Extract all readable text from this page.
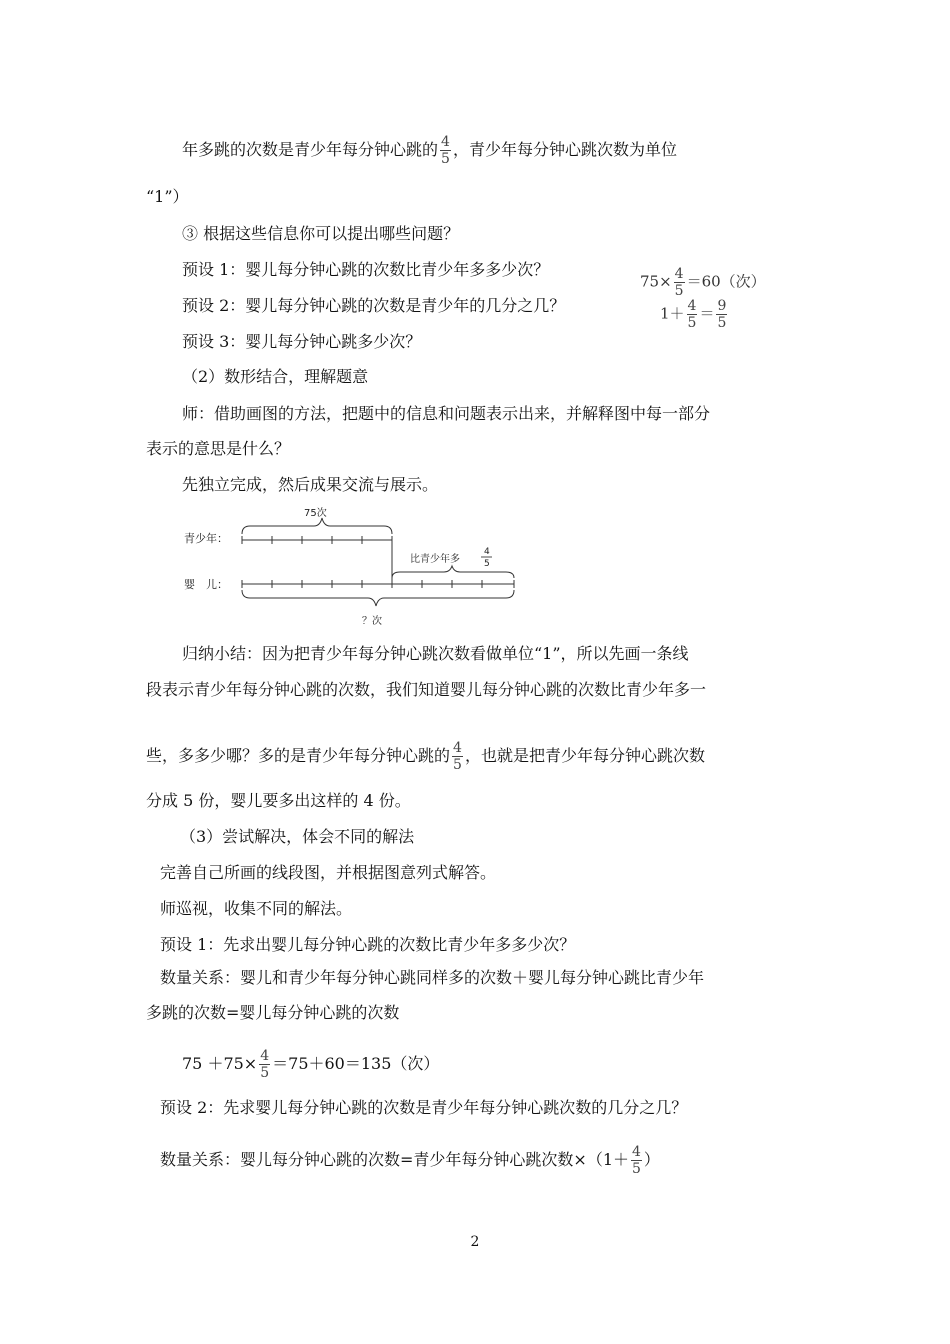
年多跳的次数是青少年每分钟心跳的 $\frac{4}{5}$ ，青少年每分钟心跳次数为单位
“1”）
③ 根据这些信息你可以提出哪些问题？
预设 1：婴儿每分钟心跳的次数比青少年多多少次？
预设 2：婴儿每分钟心跳的次数是青少年的几分之几？
预设 3：婴儿每分钟心跳多少次？
$75\times \frac{4}{5} =60$（次）
$1+ \frac{4}{5} = \frac{9}{5}$
（2）数形结合，理解题意
师：借助画图的方法，把题中的信息和问题表示出来，并解释图中每一部分
表示的意思是什么？
先独立完成，然后成果交流与展示。
青少年：
婴　儿：
75次
比青少年多
4
5
？次
归纳小结：因为把青少年每分钟心跳次数看做单位“1”，所以先画一条线
段表示青少年每分钟心跳的次数，我们知道婴儿每分钟心跳的次数比青少年多一
些，多多少哪？多的是青少年每分钟心跳的 $\frac{4}{5}$ ，也就是把青少年每分钟心跳次数
分成 5 份，婴儿要多出这样的 4 份。
（3）尝试解决，体会不同的解法
完善自己所画的线段图，并根据图意列式解答。
师巡视，收集不同的解法。
预设 1：先求出婴儿每分钟心跳的次数比青少年多多少次？
数量关系：婴儿和青少年每分钟心跳同样多的次数＋婴儿每分钟心跳比青少年
多跳的次数=婴儿每分钟心跳的次数
$75 +75\times \frac{4}{5} =75+60=135$（次）
预设 2：先求婴儿每分钟心跳的次数是青少年每分钟心跳次数的几分之几？
数量关系：婴儿每分钟心跳的次数=青少年每分钟心跳次数$\times(1+ \frac{4}{5}$ ）
2
